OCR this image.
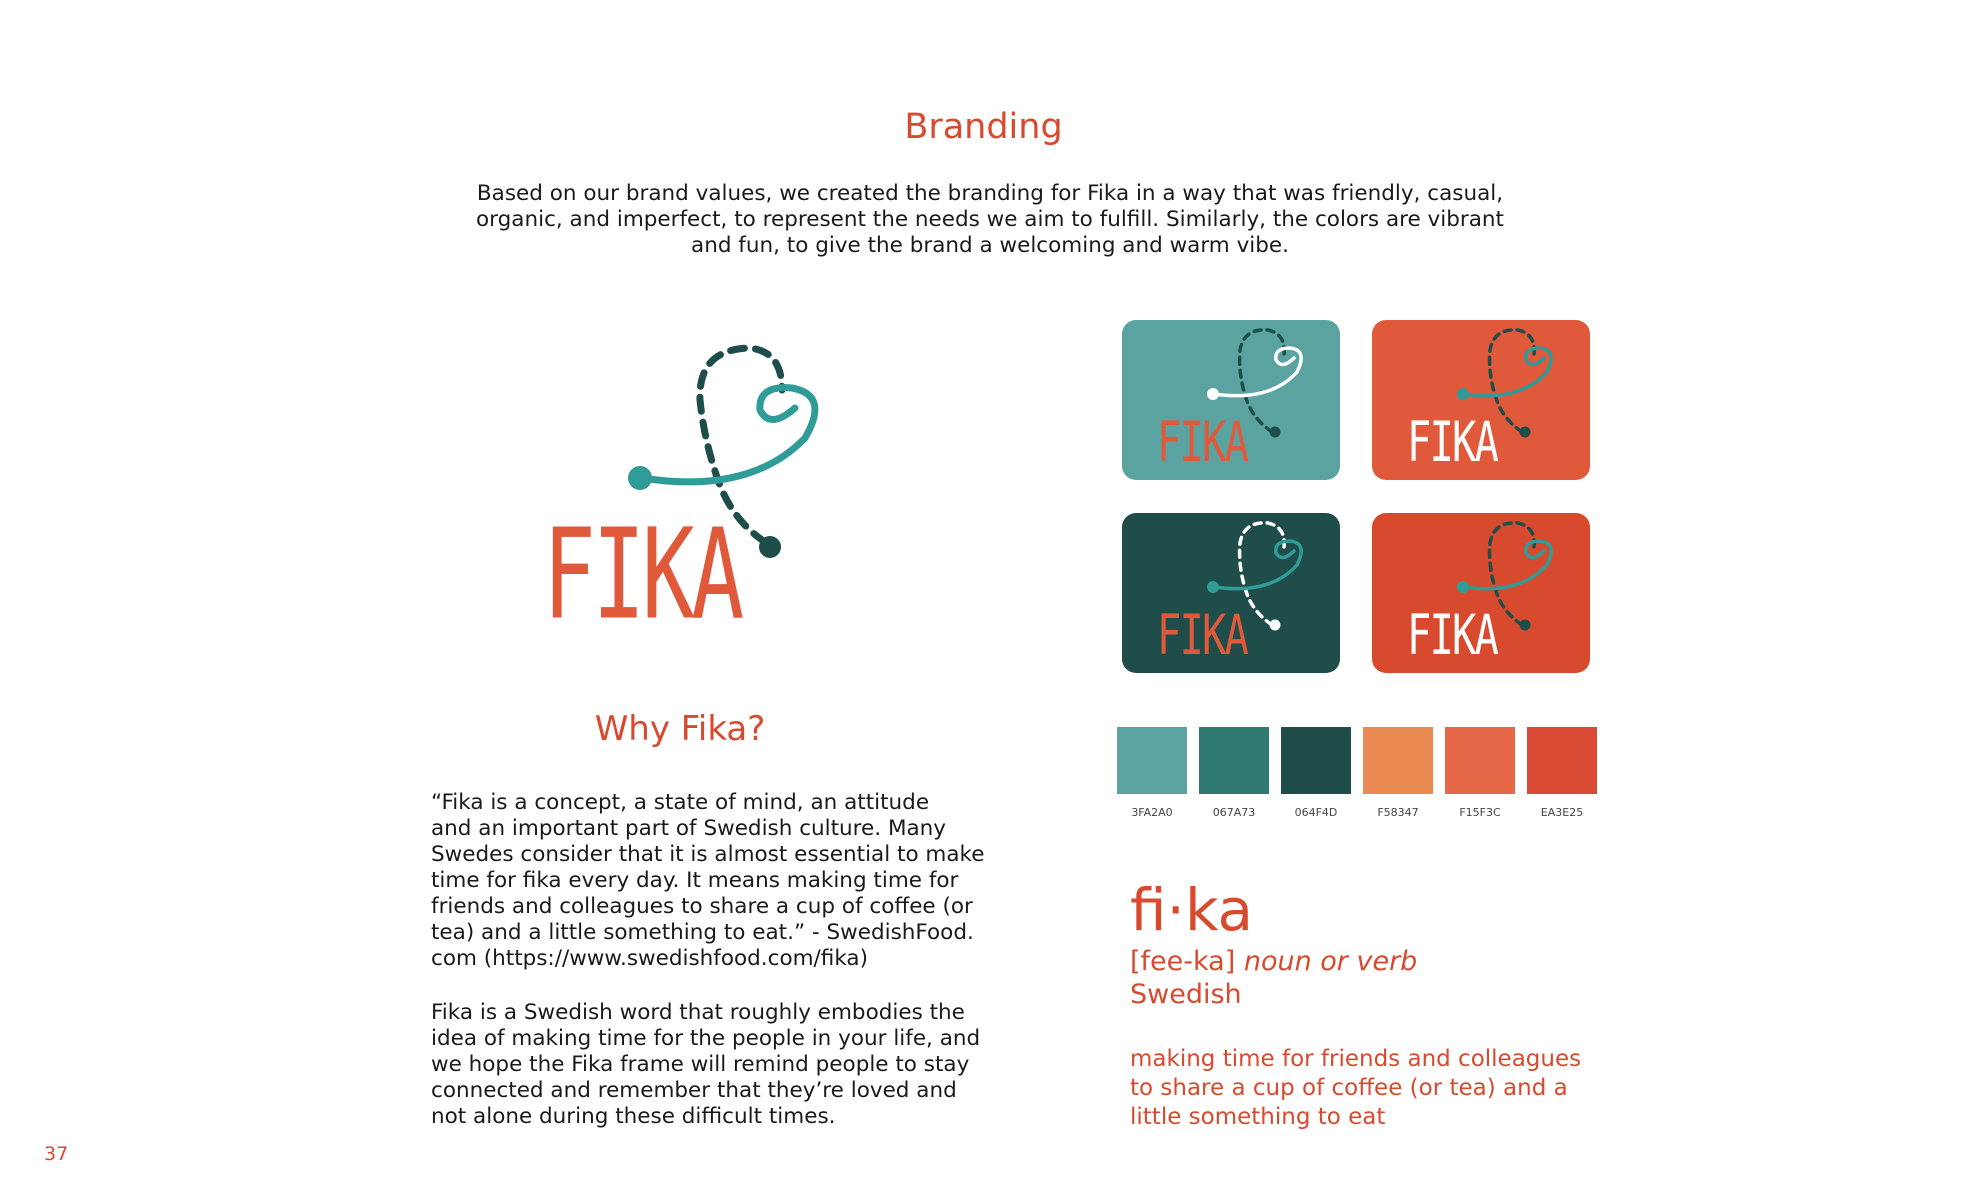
Branding
Based on our brand values, we created the branding for Fika in a way that was friendly, casual, organic, and imperfect, to represent the needs we aim to fulfill. Similarly, the colors are vibrant and fun, to give the brand a welcoming and warm vibe.
FIKA
Why Fika?
“Fika is a concept, a state of mind, an attitude
and an important part of Swedish culture. Many
Swedes consider that it is almost essential to make
time for fika every day. It means making time for
friends and colleagues to share a cup of coffee (or
tea) and a little something to eat.” - SwedishFood.
com (https://www.swedishfood.com/fika)
Fika is a Swedish word that roughly embodies the
idea of making time for the people in your life, and
we hope the Fika frame will remind people to stay
connected and remember that they’re loved and
not alone during these difficult times.
FIKA	FIKA
FIKA	FIKA
3FA2A0	067A73	064F4D	F58347	F15F3C	EA3E25
fi·ka
[fee-ka] noun or verb
Swedish
making time for friends and colleagues
to share a cup of coffee (or tea) and a
little something to eat
37
